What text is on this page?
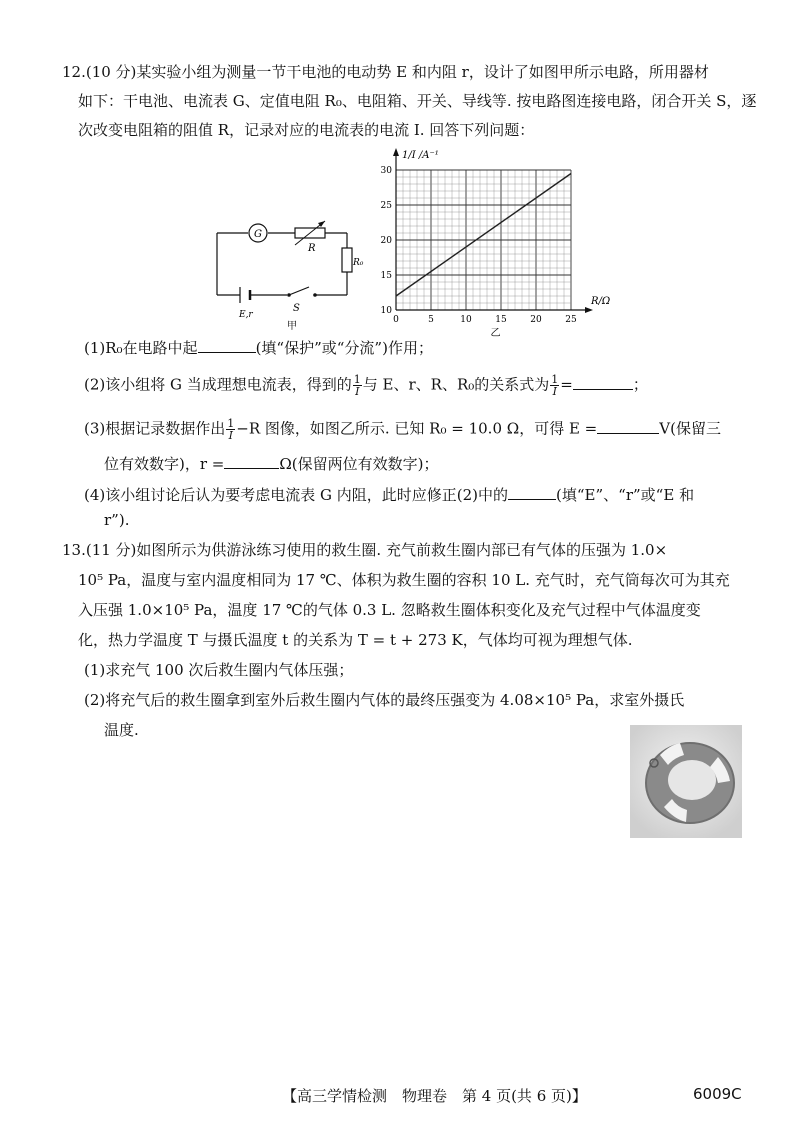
12.(10 分)某实验小组为测量一节干电池的电动势 E 和内阻 r，设计了如图甲所示电路，所用器材
如下：干电池、电流表 G、定值电阻 R₀、电阻箱、开关、导线等. 按电路图连接电路，闭合开关 S，逐
次改变电阻箱的阻值 R，记录对应的电流表的电流 I. 回答下列问题：
G
R
R₀
E,r
S
甲
0	5	10	15	20	25
15
20
25
30
10
R/Ω
1/I /A⁻¹
乙
(1)R₀在电路中起	(填“保护”或“分流”)作用；
(2)该小组将 G 当成理想电流表，得到的 $\frac{1}{I}$ 与 E、r、R、R₀的关系式为 $\frac{1}{I}$ =	；
(3)根据记录数据作出 $\frac{1}{I} -R$ 图像，如图乙所示. 已知 R₀ = 10.0 Ω，可得 E =	V(保留三
位有效数字)，r =	Ω(保留两位有效数字)；
(4)该小组讨论后认为要考虑电流表 G 内阻，此时应修正(2)中的	(填“E”、“r”或“E 和
r”).
13.(11 分)如图所示为供游泳练习使用的救生圈. 充气前救生圈内部已有气体的压强为 1.0×
10⁵ Pa，温度与室内温度相同为 17 ℃、体积为救生圈的容积 10 L. 充气时，充气筒每次可为其充
入压强 1.0×10⁵ Pa，温度 17 ℃的气体 0.3 L. 忽略救生圈体积变化及充气过程中气体温度变
化，热力学温度 T 与摄氏温度 t 的关系为 T = t + 273 K，气体均可视为理想气体.
(1)求充气 100 次后救生圈内气体压强；
(2)将充气后的救生圈拿到室外后救生圈内气体的最终压强变为 4.08×10⁵ Pa，求室外摄氏
温度.
【高三学情检测　物理卷　第 4 页(共 6 页)】	6009C
